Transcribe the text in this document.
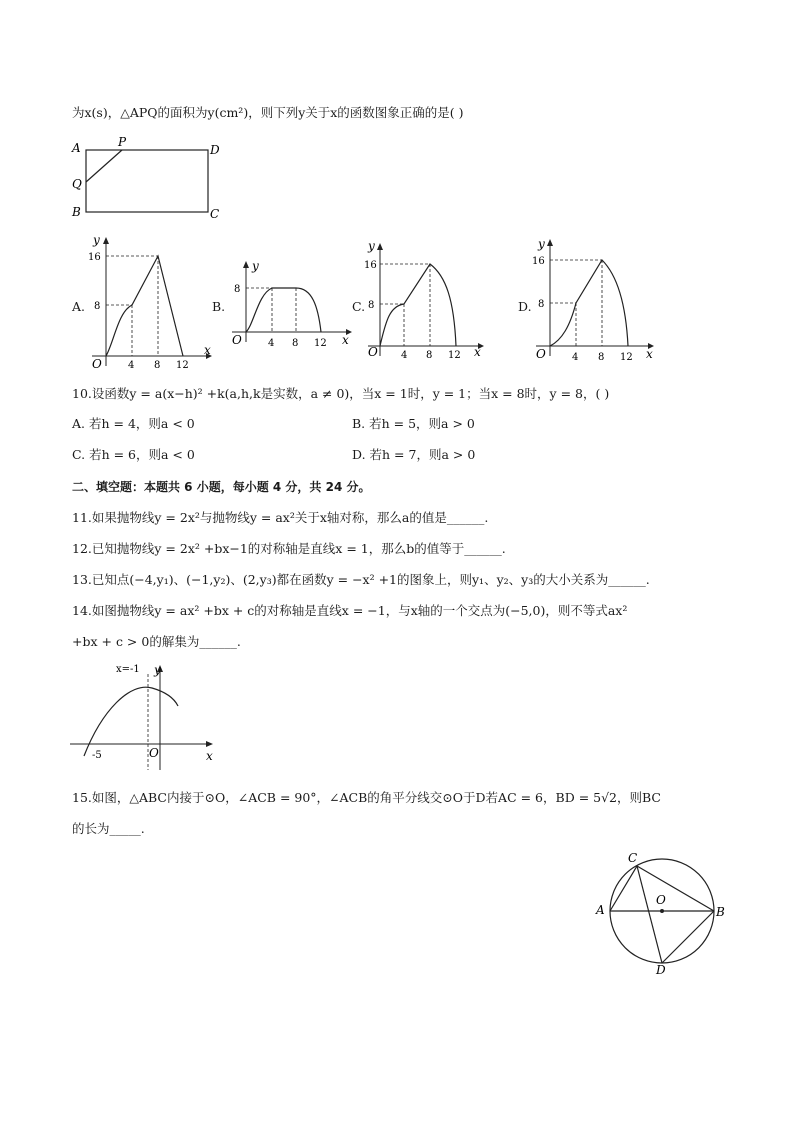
为x(s)，△APQ的面积为y(cm²)，则下列y关于x的函数图象正确的是( )
10.设函数y = a(x−h)² +k(a,h,k是实数，a ≠ 0)，当x = 1时，y = 1；当x = 8时，y = 8，( )
A. 若h = 4，则a < 0	B. 若h = 5，则a > 0
C. 若h = 6，则a < 0	D. 若h = 7，则a > 0
二、填空题：本题共 6 小题，每小题 4 分，共 24 分。
11.如果抛物线y = 2x²与抛物线y = ax²关于x轴对称，那么a的值是______.
12.已知抛物线y = 2x² +bx−1的对称轴是直线x = 1，那么b的值等于______.
13.已知点(−4,y₁)、(−1,y₂)、(2,y₃)都在函数y = −x² +1的图象上，则y₁、y₂、y₃的大小关系为______.
14.如图抛物线y = ax² +bx + c的对称轴是直线x = −1，与x轴的一个交点为(−5,0)，则不等式ax²
+bx + c > 0的解集为______.
15.如图，△ABC内接于⊙O，∠ACB = 90°，∠ACB的角平分线交⊙O于D若AC = 6，BD = 5√2，则BC
的长为_____.
A	P
D
Q
B	C
A.
y
x
O
16
8
4 8 12
B.
y
x
O
8
4 8 12
C.
y
x
O
16
8
4 8 12
D.
y
x
O
16
8
4 8 12
x=-1 y
x
O
-5
C
A	B
O
D
